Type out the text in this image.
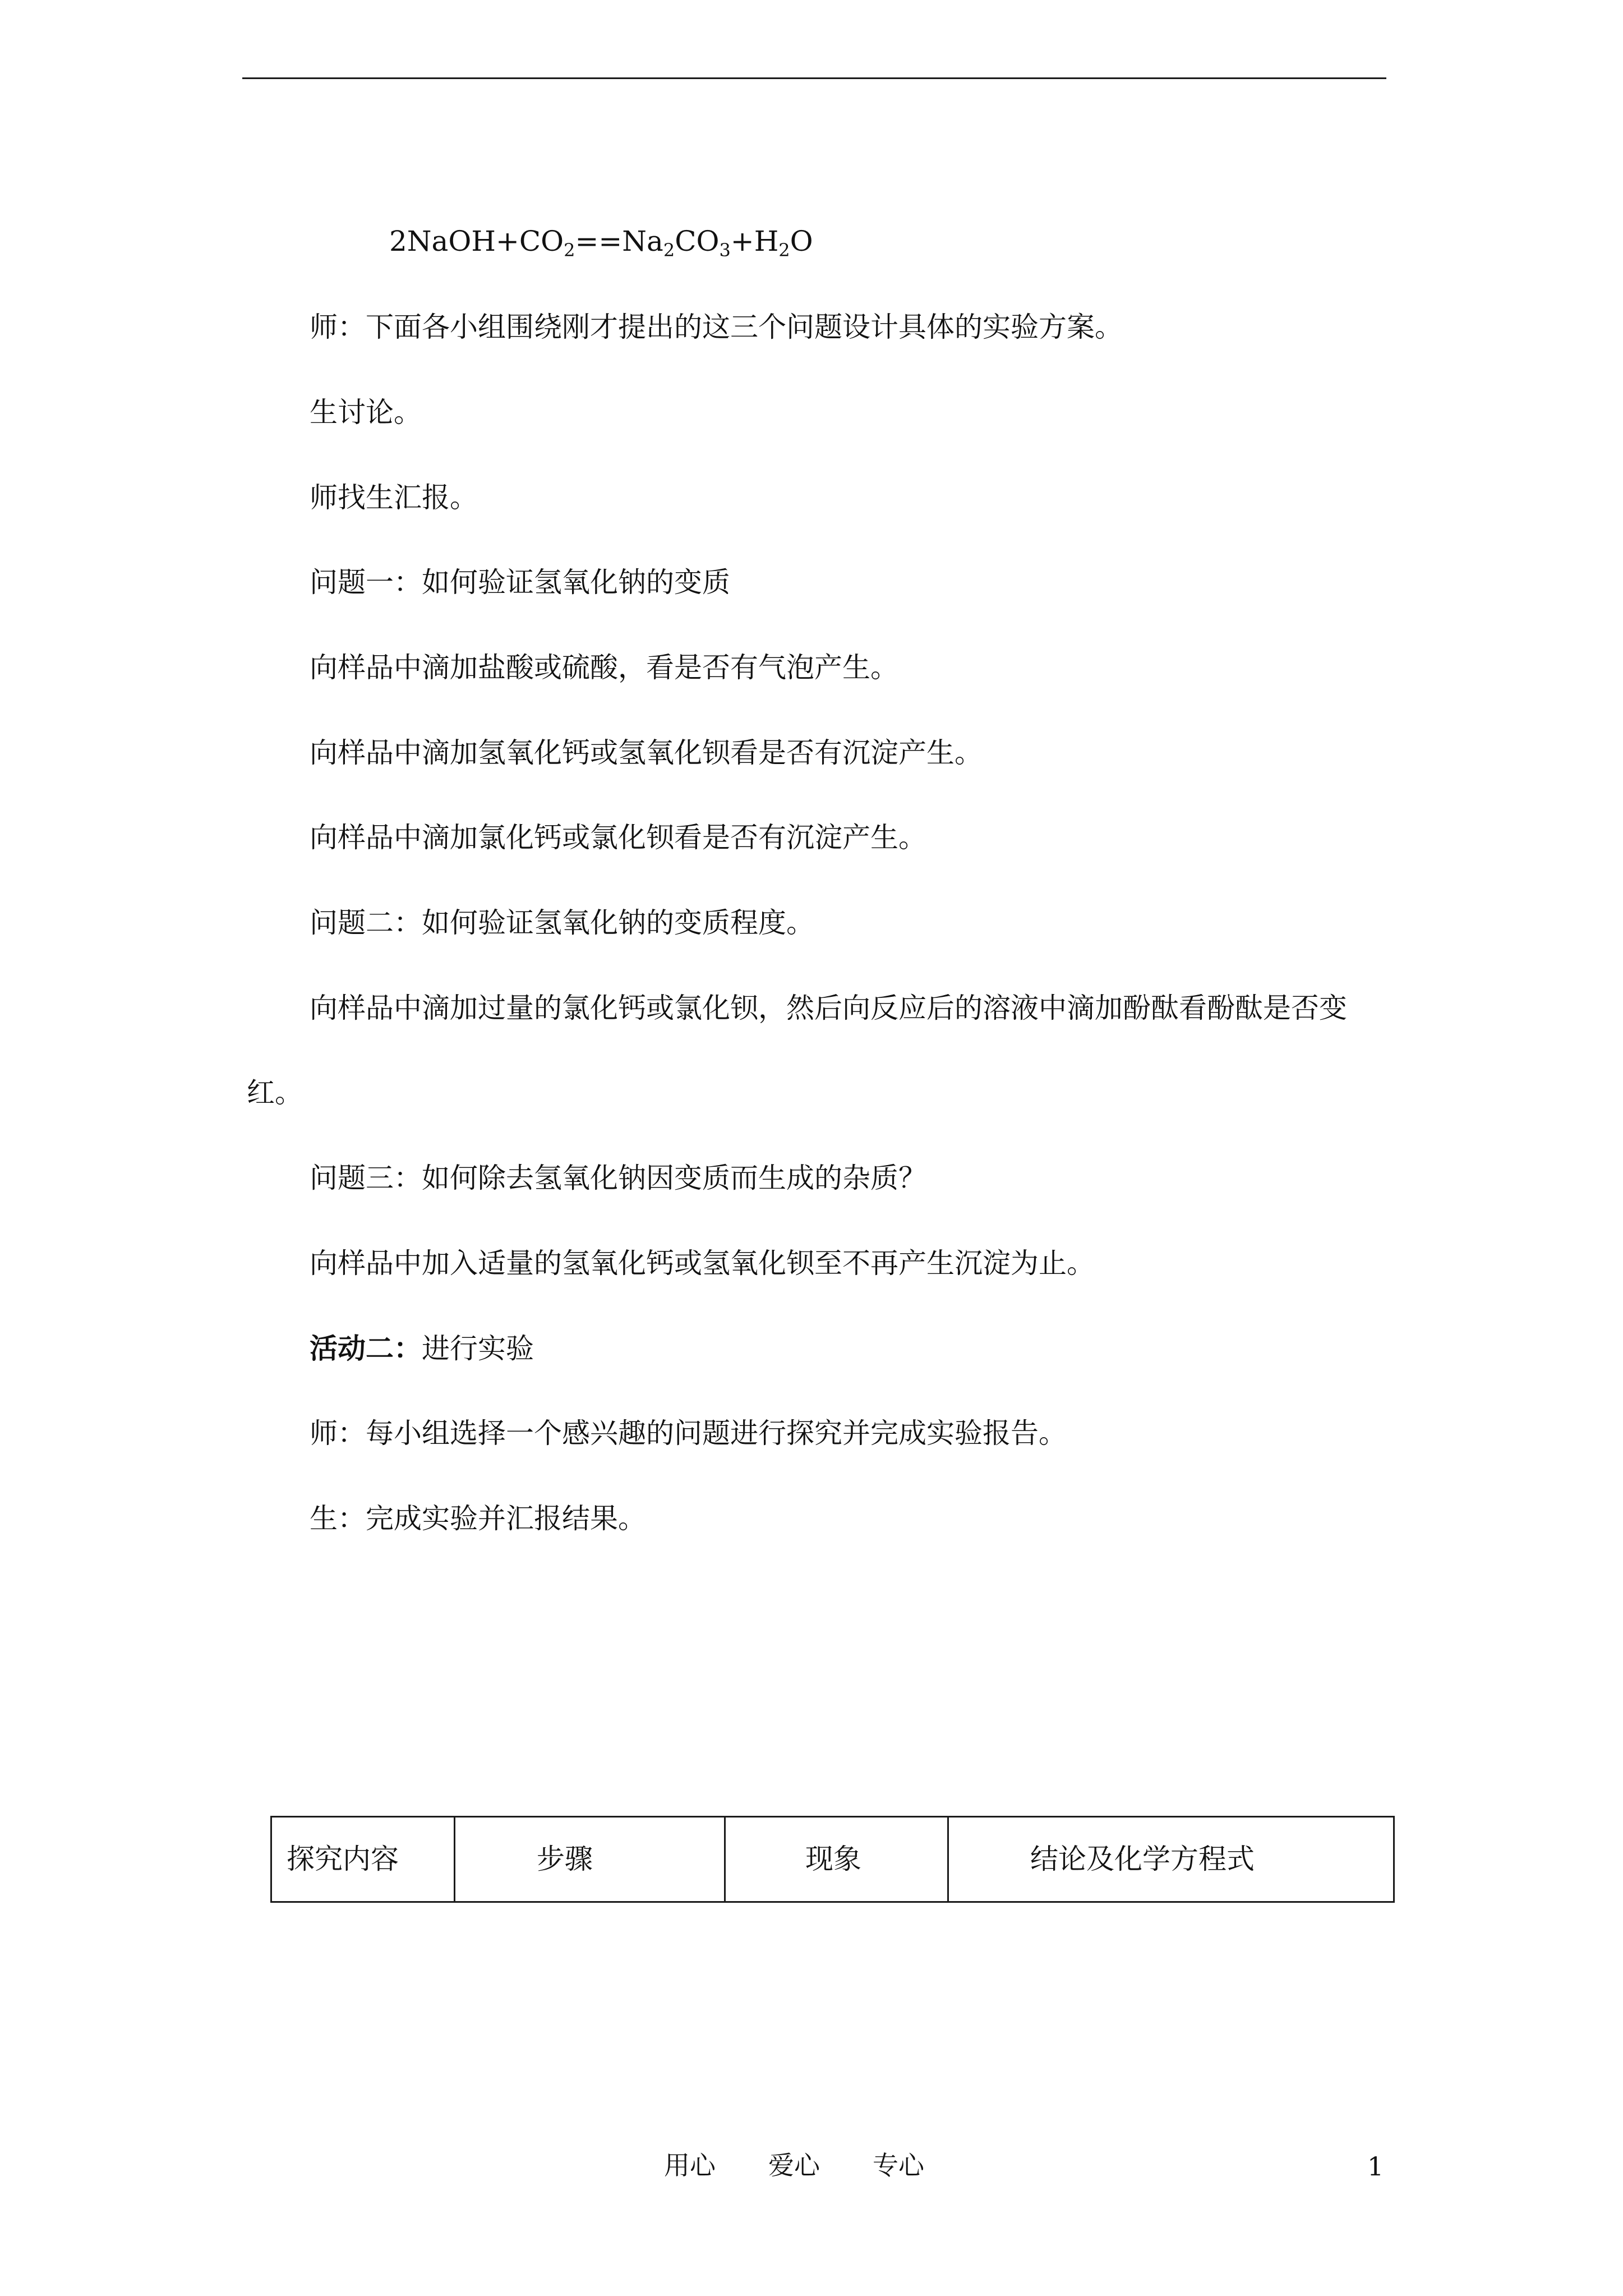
$2NaOH+CO_2==Na_2CO_3+H_2O$
师：下面各小组围绕刚才提出的这三个问题设计具体的实验方案。
生讨论。
师找生汇报。
问题一：如何验证氢氧化钠的变质
向样品中滴加盐酸或硫酸，看是否有气泡产生。
向样品中滴加氢氧化钙或氢氧化钡看是否有沉淀产生。
向样品中滴加氯化钙或氯化钡看是否有沉淀产生。
问题二：如何验证氢氧化钠的变质程度。
向样品中滴加过量的氯化钙或氯化钡，然后向反应后的溶液中滴加酚酞看酚酞是否变
红。
问题三：如何除去氢氧化钠因变质而生成的杂质？
向样品中加入适量的氢氧化钙或氢氧化钡至不再产生沉淀为止。
活动二：进行实验
师：每小组选择一个感兴趣的问题进行探究并完成实验报告。
生：完成实验并汇报结果。
探究内容	步骤	现象	结论及化学方程式
用心 爱心 专心	1
